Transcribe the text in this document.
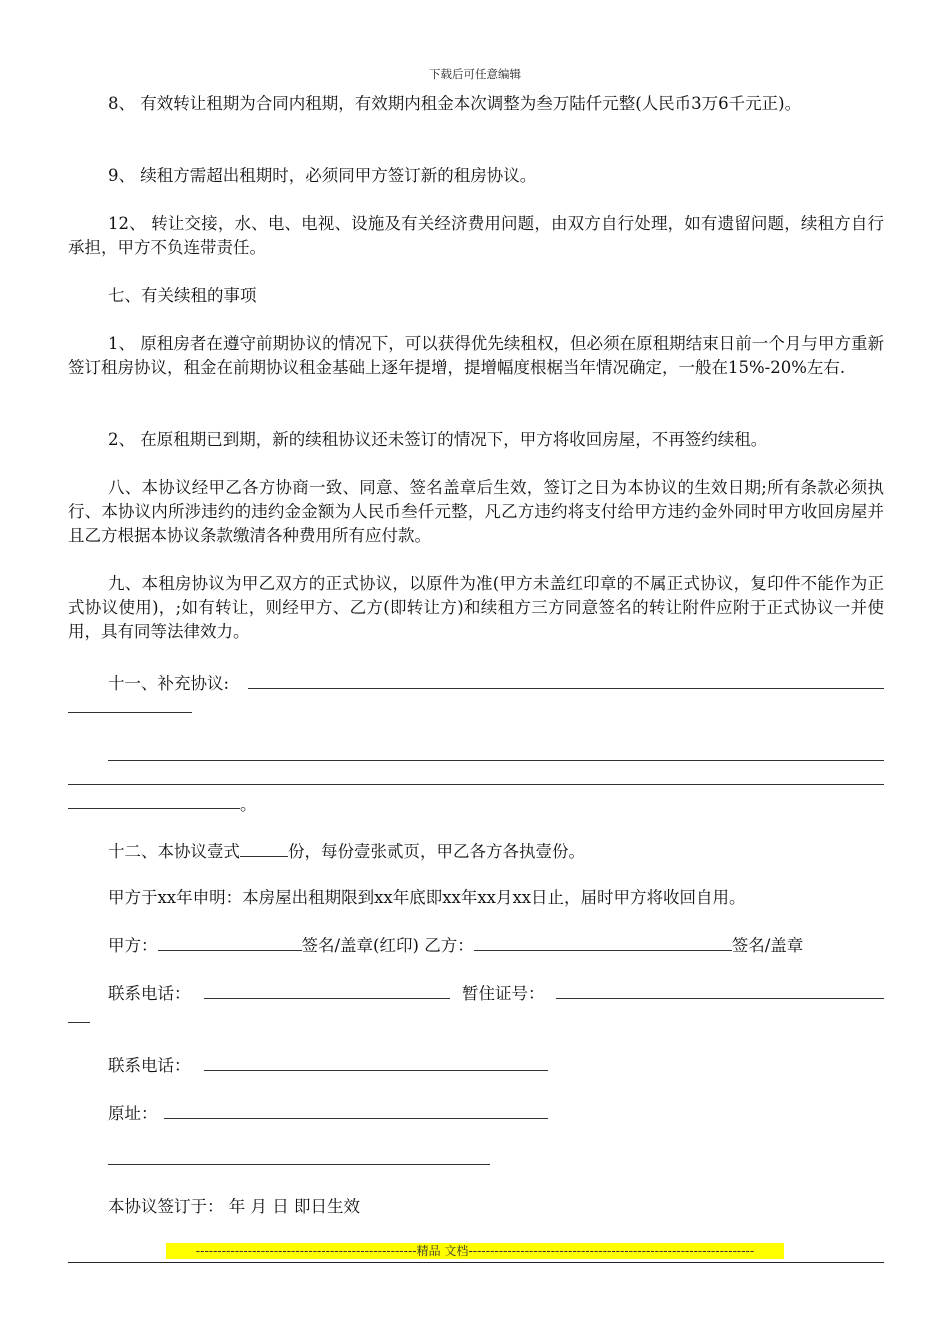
下载后可任意编辑
8、 有效转让租期为合同内租期，有效期内租金本次调整为叁万陆仟元整(人民币3万6千元正)。
9、 续租方需超出租期时，必须同甲方签订新的租房协议。
12、 转让交接，水、电、电视、设施及有关经济费用问题，由双方自行处理，如有遗留问题，续租方自行承担，甲方不负连带责任。
七、有关续租的事项
1、 原租房者在遵守前期协议的情况下，可以获得优先续租权，但必须在原租期结束日前一个月与甲方重新签订租房协议，租金在前期协议租金基础上逐年提增，提增幅度根椐当年情况确定，一般在15%-20%左右.
2、 在原租期已到期，新的续租协议还未签订的情况下，甲方将收回房屋，不再签约续租。
八、本协议经甲乙各方协商一致、同意、签名盖章后生效，签订之日为本协议的生效日期;所有条款必须执行、本协议内所涉违约的违约金金额为人民币叁仟元整，凡乙方违约将支付给甲方违约金外同时甲方收回房屋并且乙方根据本协议条款缴清各种费用所有应付款。
九、本租房协议为甲乙双方的正式协议，以原件为准(甲方未盖红印章的不属正式协议，复印件不能作为正式协议使用)，;如有转让，则经甲方、乙方(即转让方)和续租方三方同意签名的转让附件应附于正式协议一并使用，具有同等法律效力。
十一、补充协议:
。
十二、本协议壹式	份，每份壹张贰页，甲乙各方各执壹份。
甲方于xx年申明：本房屋出租期限到xx年底即xx年xx月xx日止，届时甲方将收回自用。
甲方：	签名/盖章(红印) 乙方：	签名/盖章
联系电话：	暂住证号：
联系电话：
原址：
本协议签订于： 年 月 日 即日生效
---------------------------------------------------精品 文档------------------------------------------------------------------
